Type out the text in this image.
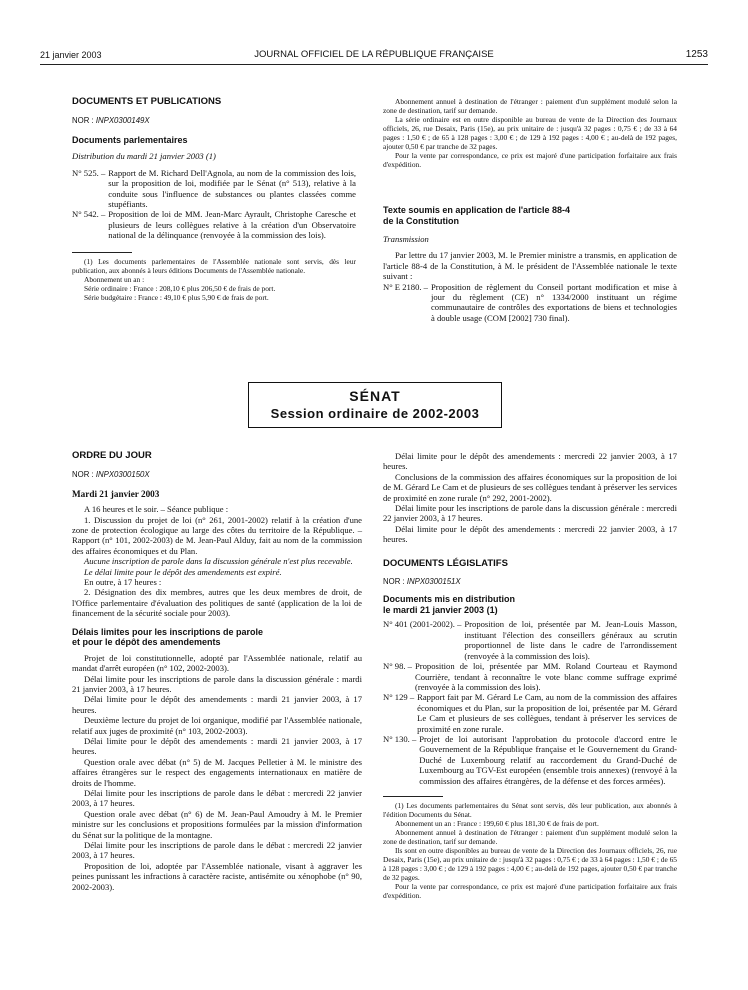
21 janvier 2003	JOURNAL OFFICIEL DE LA RÉPUBLIQUE FRANÇAISE	1253

DOCUMENTS ET PUBLICATIONS

NOR : INPX0300149X

Documents parlementaires

Distribution du mardi 21 janvier 2003 (1)

N° 525. – Rapport de M. Richard Dell'Agnola, au nom de la commission des lois, sur la proposition de loi, modifiée par le Sénat (n° 513), relative à la conduite sous l'influence de substances ou plantes classées comme stupéfiants.
N° 542. – Proposition de loi de MM. Jean-Marc Ayrault, Christophe Caresche et plusieurs de leurs collègues relative à la création d'un Observatoire national de la délinquance (renvoyée à la commission des lois).

(1) Les documents parlementaires de l'Assemblée nationale sont servis, dès leur publication, aux abonnés à leurs éditions Documents de l'Assemblée nationale.

Abonnement un an :

Série ordinaire : France : 208,10 € plus 206,50 € de frais de port.

Série budgétaire : France : 49,10 € plus 5,90 € de frais de port.

Abonnement annuel à destination de l'étranger : paiement d'un supplément modulé selon la zone de destination, tarif sur demande.

La série ordinaire est en outre disponible au bureau de vente de la Direction des Journaux officiels, 26, rue Desaix, Paris (15e), au prix unitaire de : jusqu'à 32 pages : 0,75 € ; de 33 à 64 pages : 1,50 € ; de 65 à 128 pages : 3,00 € ; de 129 à 192 pages : 4,00 € ; au-delà de 192 pages, ajouter 0,50 € par tranche de 32 pages.

Pour la vente par correspondance, ce prix est majoré d'une participation forfaitaire aux frais d'expédition.

Texte soumis en application de l'article 88-4
de la Constitution

Transmission

Par lettre du 17 janvier 2003, M. le Premier ministre a transmis, en application de l'article 88-4 de la Constitution, à M. le président de l'Assemblée nationale le texte suivant :

N° E 2180. – Proposition de règlement du Conseil portant modification et mise à jour du règlement (CE) n° 1334/2000 instituant un régime communautaire de contrôles des exportations de biens et technologies à double usage (COM [2002] 730 final).
SÉNAT
Session ordinaire de 2002-2003

ORDRE DU JOUR

NOR : INPX0300150X

Mardi 21 janvier 2003

A 16 heures et le soir. – Séance publique :

1. Discussion du projet de loi (n° 261, 2001-2002) relatif à la création d'une zone de protection écologique au large des côtes du territoire de la République. – Rapport (n° 101, 2002-2003) de M. Jean-Paul Alduy, fait au nom de la commission des affaires économiques et du Plan.

Aucune inscription de parole dans la discussion générale n'est plus recevable.

Le délai limite pour le dépôt des amendements est expiré.

En outre, à 17 heures :

2. Désignation des dix membres, autres que les deux membres de droit, de l'Office parlementaire d'évaluation des politiques de santé (application de la loi de financement de la sécurité sociale pour 2003).

Délais limites pour les inscriptions de parole
et pour le dépôt des amendements

Projet de loi constitutionnelle, adopté par l'Assemblée nationale, relatif au mandat d'arrêt européen (n° 102, 2002-2003).

Délai limite pour les inscriptions de parole dans la discussion générale : mardi 21 janvier 2003, à 17 heures.

Délai limite pour le dépôt des amendements : mardi 21 janvier 2003, à 17 heures.

Deuxième lecture du projet de loi organique, modifié par l'Assemblée nationale, relatif aux juges de proximité (n° 103, 2002-2003).

Délai limite pour le dépôt des amendements : mardi 21 janvier 2003, à 17 heures.

Question orale avec débat (n° 5) de M. Jacques Pelletier à M. le ministre des affaires étrangères sur le respect des engagements internationaux en matière de droits de l'homme.

Délai limite pour les inscriptions de parole dans le débat : mercredi 22 janvier 2003, à 17 heures.

Question orale avec débat (n° 6) de M. Jean-Paul Amoudry à M. le Premier ministre sur les conclusions et propositions formulées par la mission d'information du Sénat sur la politique de la montagne.

Délai limite pour les inscriptions de parole dans le débat : mercredi 22 janvier 2003, à 17 heures.

Proposition de loi, adoptée par l'Assemblée nationale, visant à aggraver les peines punissant les infractions à caractère raciste, antisémite ou xénophobe (n° 90, 2002-2003).

Délai limite pour le dépôt des amendements : mercredi 22 janvier 2003, à 17 heures.

Conclusions de la commission des affaires économiques sur la proposition de loi de M. Gérard Le Cam et de plusieurs de ses collègues tendant à préserver les services de proximité en zone rurale (n° 292, 2001-2002).

Délai limite pour les inscriptions de parole dans la discussion générale : mercredi 22 janvier 2003, à 17 heures.

Délai limite pour le dépôt des amendements : mercredi 22 janvier 2003, à 17 heures.

DOCUMENTS LÉGISLATIFS

NOR : INPX0300151X

Documents mis en distribution
le mardi 21 janvier 2003 (1)

N° 401 (2001-2002). – Proposition de loi, présentée par M. Jean-Louis Masson, instituant l'élection des conseillers généraux au scrutin proportionnel de liste dans le cadre de l'arrondissement (renvoyée à la commission des lois).
N° 98. – Proposition de loi, présentée par MM. Roland Courteau et Raymond Courrière, tendant à reconnaître le vote blanc comme suffrage exprimé (renvoyée à la commission des lois).
N° 129 – Rapport fait par M. Gérard Le Cam, au nom de la commission des affaires économiques et du Plan, sur la proposition de loi, présentée par M. Gérard Le Cam et plusieurs de ses collègues, tendant à préserver les services de proximité en zone rurale.
N° 130. – Projet de loi autorisant l'approbation du protocole d'accord entre le Gouvernement de la République française et le Gouvernement du Grand-Duché de Luxembourg relatif au raccordement du Grand-Duché de Luxembourg au TGV-Est européen (ensemble trois annexes) (renvoyé à la commission des affaires étrangères, de la défense et des forces armées).

(1) Les documents parlementaires du Sénat sont servis, dès leur publication, aux abonnés à l'édition Documents du Sénat.

Abonnement un an : France : 199,60 € plus 181,30 € de frais de port.

Abonnement annuel à destination de l'étranger : paiement d'un supplément modulé selon la zone de destination, tarif sur demande.

Ils sont en outre disponibles au bureau de vente de la Direction des Journaux officiels, 26, rue Desaix, Paris (15e), au prix unitaire de : jusqu'à 32 pages : 0,75 € ; de 33 à 64 pages : 1,50 € ; de 65 à 128 pages : 3,00 € ; de 129 à 192 pages : 4,00 € ; au-delà de 192 pages, ajouter 0,50 € par tranche de 32 pages.

Pour la vente par correspondance, ce prix est majoré d'une participation forfaitaire aux frais d'expédition.
